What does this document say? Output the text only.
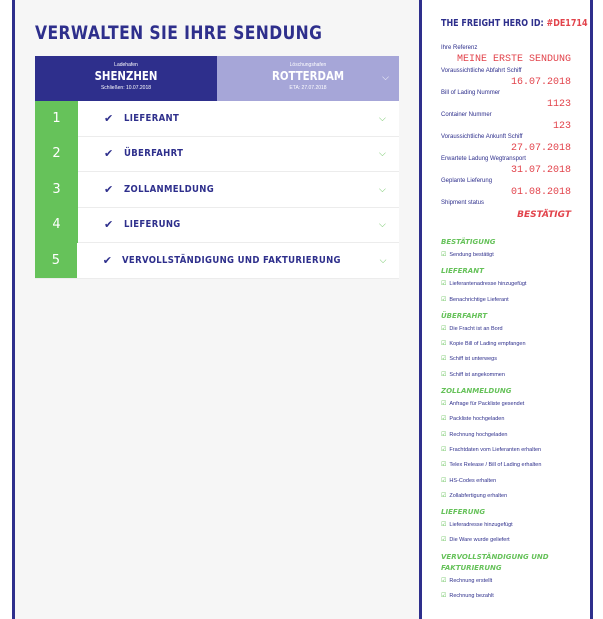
VERWALTEN SIE IHRE SENDUNG
Ladehafen
SHENZHEN
Schließen: 10.07.2018
Löschungshafen
ROTTERDAM
ETA: 27.07.2018
⌵
1	✔	LIEFERANT	⌵
2	✔	ÜBERFAHRT	⌵
3	✔	ZOLLANMELDUNG	⌵
4	✔	LIEFERUNG	⌵
5	✔	VERVOLLSTÄNDIGUNG UND FAKTURIERUNG	⌵
THE FREIGHT HERO ID: #DE1714
Ihre Referenz
MEINE ERSTE SENDUNG
Voraussichtliche Abfahrt Schiff
16.07.2018
Bill of Lading Nummer
1123
Container Nummer
123
Voraussichtliche Ankunft Schiff
27.07.2018
Erwartete Ladung Wegtransport
31.07.2018
Geplante Lieferung
01.08.2018
Shipment status
BESTÄTIGT
BESTÄTIGUNG
☑ Sendung bestätigt
LIEFERANT
☑ Lieferantenadresse hinzugefügt
☑ Benachrichtige Lieferant
ÜBERFAHRT
☑ Die Fracht ist an Bord
☑ Kopie Bill of Lading empfangen
☑ Schiff ist unterwegs
☑ Schiff ist angekommen
ZOLLANMELDUNG
☑ Anfrage für Packliste gesendet
☑ Packliste hochgeladen
☑ Rechnung hochgeladen
☑ Frachtdaten vom Lieferanten erhalten
☑ Telex Release / Bill of Lading erhalten
☑ HS-Codes erhalten
☑ Zollabfertigung erhalten
LIEFERUNG
☑ Lieferadresse hinzugefügt
☑ Die Ware wurde geliefert
VERVOLLSTÄNDIGUNG UND FAKTURIERUNG
☑ Rechnung erstellt
☑ Rechnung bezahlt
